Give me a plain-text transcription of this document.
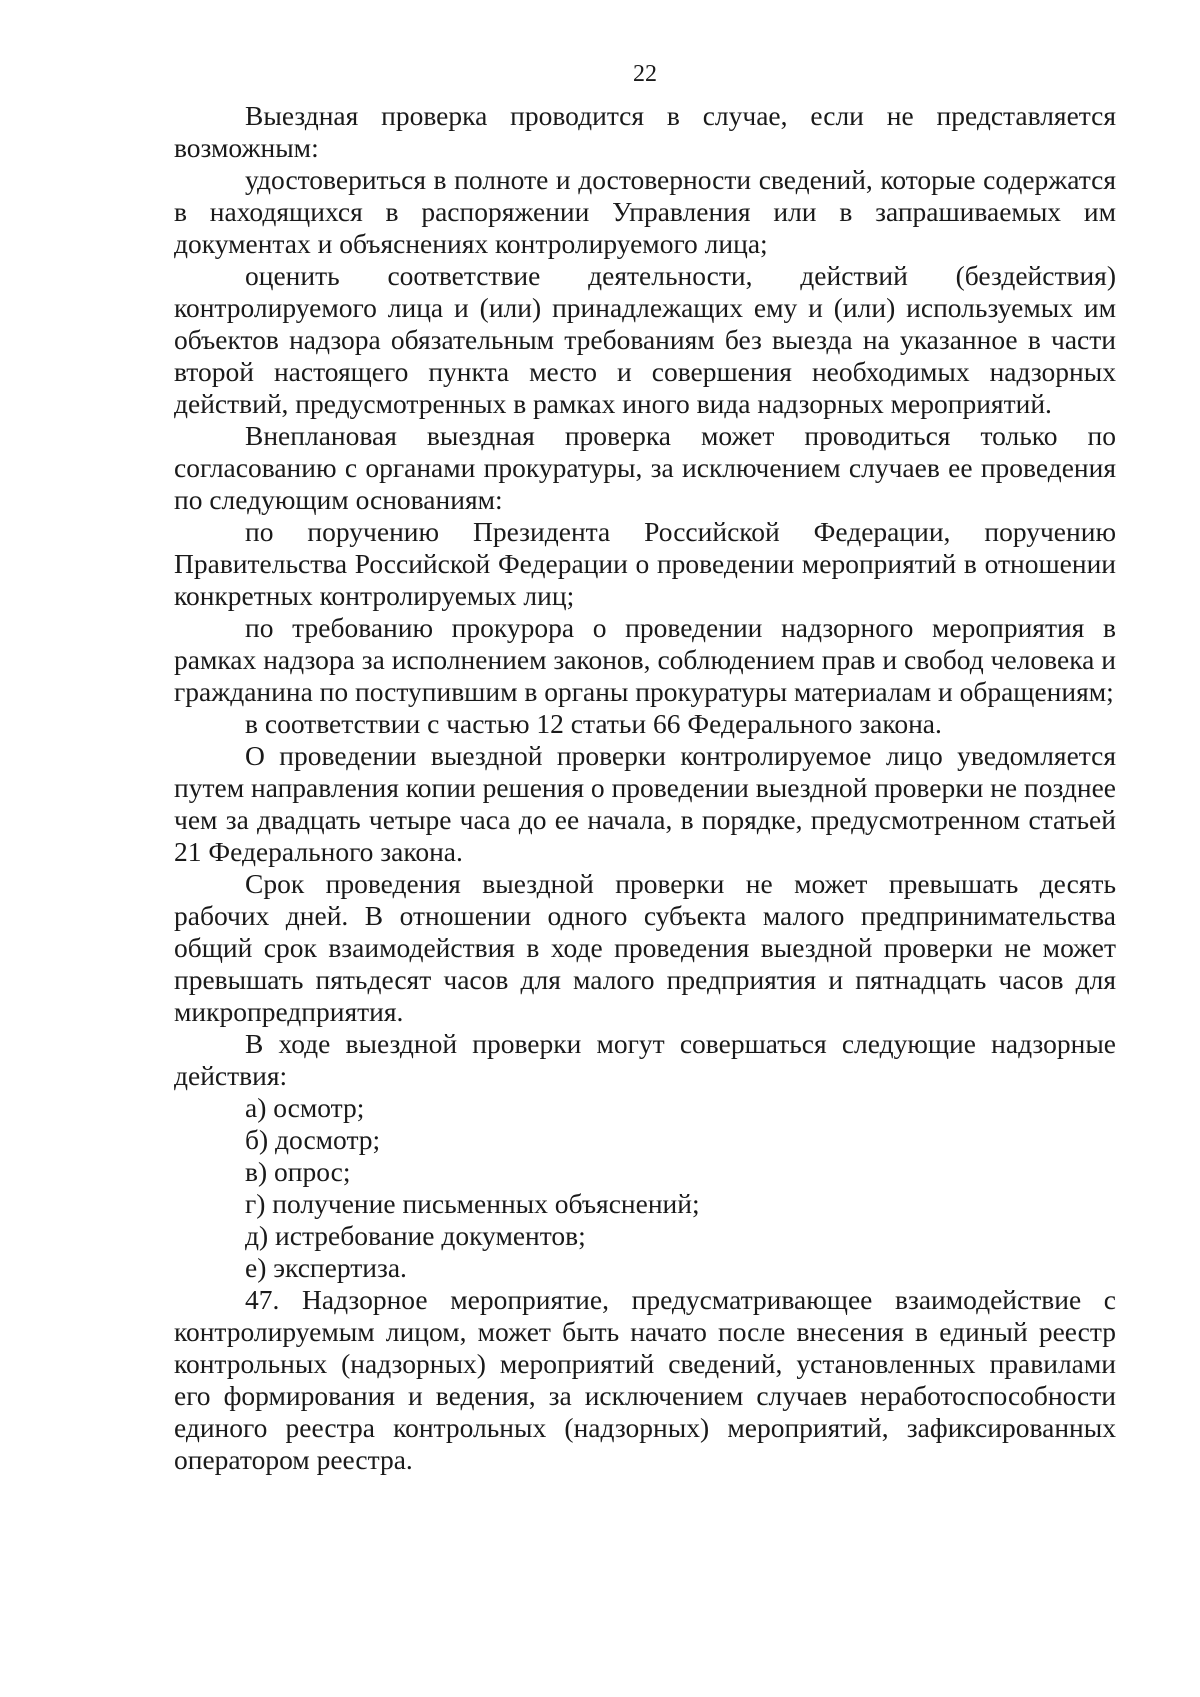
22

Выездная проверка проводится в случае, если не представляется возможным:

удостовериться в полноте и достоверности сведений, которые содержатся в находящихся в распоряжении Управления или в запрашиваемых им документах и объяснениях контролируемого лица;

оценить соответствие деятельности, действий (бездействия) контролируемого лица и (или) принадлежащих ему и (или) используемых им объектов надзора обязательным требованиям без выезда на указанное в части второй настоящего пункта место и совершения необходимых надзорных действий, предусмотренных в рамках иного вида надзорных мероприятий.

Внеплановая выездная проверка может проводиться только по согласованию с органами прокуратуры, за исключением случаев ее проведения по следующим основаниям:

по поручению Президента Российской Федерации, поручению Правительства Российской Федерации о проведении мероприятий в отношении конкретных контролируемых лиц;

по требованию прокурора о проведении надзорного мероприятия в рамках надзора за исполнением законов, соблюдением прав и свобод человека и гражданина по поступившим в органы прокуратуры материалам и обращениям;

в соответствии с частью 12 статьи 66 Федерального закона.

О проведении выездной проверки контролируемое лицо уведомляется путем направления копии решения о проведении выездной проверки не позднее чем за двадцать четыре часа до ее начала, в порядке, предусмотренном статьей 21 Федерального закона.

Срок проведения выездной проверки не может превышать десять рабочих дней. В отношении одного субъекта малого предпринимательства общий срок взаимодействия в ходе проведения выездной проверки не может превышать пятьдесят часов для малого предприятия и пятнадцать часов для микропредприятия.

В ходе выездной проверки могут совершаться следующие надзорные действия:

а) осмотр;

б) досмотр;

в) опрос;

г) получение письменных объяснений;

д) истребование документов;

е) экспертиза.

47. Надзорное мероприятие, предусматривающее взаимодействие с контролируемым лицом, может быть начато после внесения в единый реестр контрольных (надзорных) мероприятий сведений, установленных правилами его формирования и ведения, за исключением случаев неработоспособности единого реестра контрольных (надзорных) мероприятий, зафиксированных оператором реестра.
